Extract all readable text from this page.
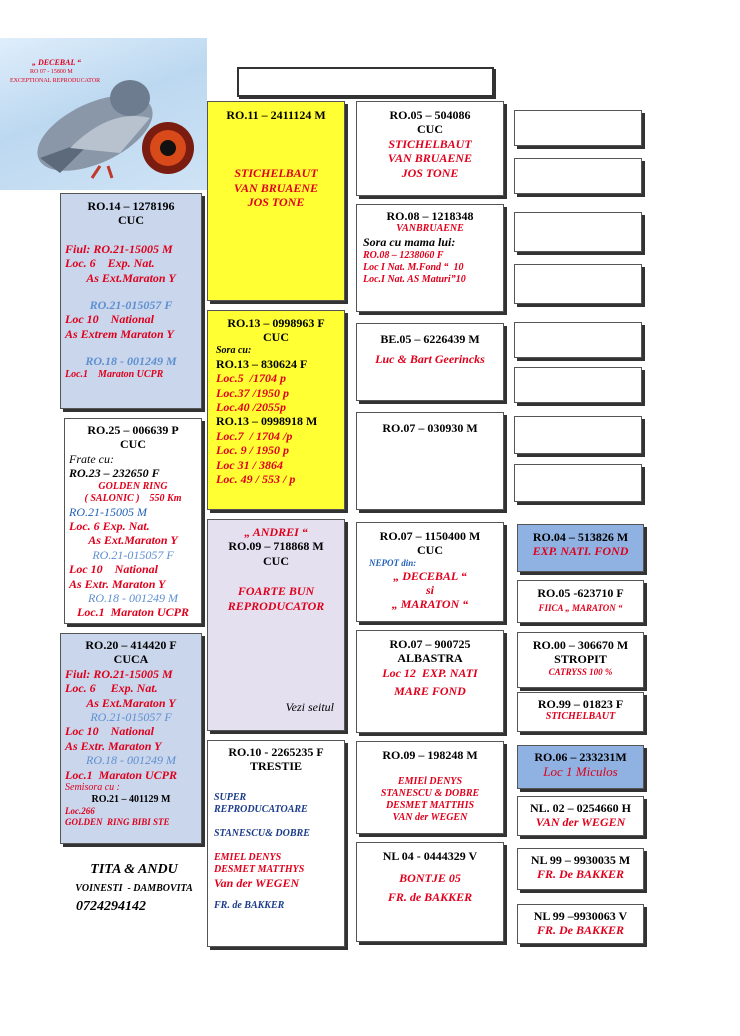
„ DECEBAL “
RO 07 - 15800 M
EXCEPTIONAL REPRODUCATOR

RO.14 – 1278196
CUC
Fiul: RO.21-15005 M
Loc. 6    Exp. Nat.
As Ext.Maraton Y
RO.21-015057 F
Loc 10    National
As Extrem Maraton Y
RO.18 - 001249 M
Loc.1    Maraton UCPR
RO.25 – 006639 P
CUC
Frate cu:
RO.23 – 232650 F
GOLDEN RING
( SALONIC )    550 Km
RO.21-15005 M
Loc. 6 Exp. Nat.
As Ext.Maraton Y
RO.21-015057 F
Loc 10    National
As Extr. Maraton Y
RO.18 - 001249 M
Loc.1  Maraton UCPR
RO.20 – 414420 F
CUCA
Fiul: RO.21-15005 M
Loc. 6     Exp. Nat.
As Ext.Maraton Y
RO.21-015057 F
Loc 10    National
As Extr. Maraton Y
RO.18 - 001249 M
Loc.1  Maraton UCPR
Semisora cu :
RO.21 – 401129 M
Loc.266
GOLDEN  RING BIBI STE
TITA & ANDU
VOINESTI  - DAMBOVITA
0724294142
RO.11 – 2411124 M
STICHELBAUT
VAN BRUAENE
JOS TONE
RO.13 – 0998963 F
CUC
Sora cu:
RO.13 – 830624 F
Loc.5  /1704 p
Loc.37 /1950 p
Loc.40 /2055p
RO.13 – 0998918 M
Loc.7  / 1704 /p
Loc. 9 / 1950 p
Loc 31 / 3864
Loc. 49 / 553 / p
„ ANDREI “
RO.09 – 718868 M
CUC
FOARTE BUN
REPRODUCATOR
Vezi seitul
RO.10 - 2265235 F
TRESTIE
SUPER
REPRODUCATOARE
STANESCU& DOBRE
EMIEL DENYS
DESMET MATTHYS
Van der WEGEN
FR. de BAKKER
RO.05 – 504086
CUC
STICHELBAUT
VAN BRUAENE
JOS TONE
RO.08 – 1218348
VANBRUAENE
Sora cu mama lui:
RO.08 – 1238060 F
Loc I Nat. M.Fond “  10
Loc.I Nat. AS Maturi”10
BE.05 – 6226439 M
Luc & Bart Geerincks
RO.07 – 030930 M
RO.07 – 1150400 M
CUC
NEPOT din:
„ DECEBAL “
si
„ MARATON “
RO.07 – 900725
ALBASTRA
Loc 12  EXP. NATI
MARE FOND
RO.09 – 198248 M
EMIEl DENYS
STANESCU & DOBRE
DESMET MATTHIS
VAN der WEGEN
NL 04 - 0444329 V
BONTJE 05
FR. de BAKKER
RO.04 – 513826 M
EXP. NATI. FOND
RO.05 -623710 F
FIICA „ MARATON “
RO.00 – 306670 M
STROPIT
CATRYSS 100 %
RO.99 – 01823 F
STICHELBAUT
RO.06 – 233231M
Loc 1 Miculos
NL. 02 – 0254660 H
VAN der WEGEN
NL 99 – 9930035 M
FR. De BAKKER
NL 99 –9930063 V
FR. De BAKKER
